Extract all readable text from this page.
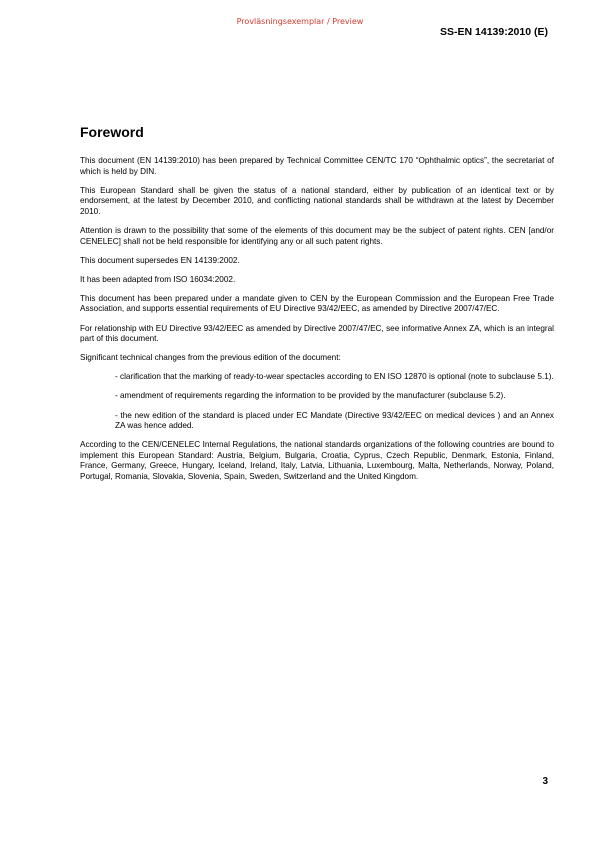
Provläsningsexemplar / Preview
SS-EN 14139:2010 (E)
Foreword

This document (EN 14139:2010) has been prepared by Technical Committee CEN/TC 170 “Ophthalmic optics”, the secretariat of which is held by DIN.

This European Standard shall be given the status of a national standard, either by publication of an identical text or by endorsement, at the latest by December 2010, and conflicting national standards shall be withdrawn at the latest by December 2010.

Attention is drawn to the possibility that some of the elements of this document may be the subject of patent rights. CEN [and/or CENELEC] shall not be held responsible for identifying any or all such patent rights.

This document supersedes EN 14139:2002.

It has been adapted from ISO 16034:2002.

This document has been prepared under a mandate given to CEN by the European Commission and the European Free Trade Association, and supports essential requirements of EU Directive 93/42/EEC, as amended by Directive 2007/47/EC.

For relationship with EU Directive 93/42/EEC as amended by Directive 2007/47/EC, see informative Annex ZA, which is an integral part of this document.

Significant technical changes from the previous edition of the document:

- clarification that the marking of ready-to-wear spectacles according to EN ISO 12870 is optional (note to subclause 5.1).

- amendment of requirements regarding the information to be provided by the manufacturer (subclause 5.2).

- the new edition of the standard is placed under EC Mandate (Directive 93/42/EEC on medical devices ) and an Annex ZA was hence added.

According to the CEN/CENELEC Internal Regulations, the national standards organizations of the following countries are bound to implement this European Standard: Austria, Belgium, Bulgaria, Croatia, Cyprus, Czech Republic, Denmark, Estonia, Finland, France, Germany, Greece, Hungary, Iceland, Ireland, Italy, Latvia, Lithuania, Luxembourg, Malta, Netherlands, Norway, Poland, Portugal, Romania, Slovakia, Slovenia, Spain, Sweden, Switzerland and the United Kingdom.

3
